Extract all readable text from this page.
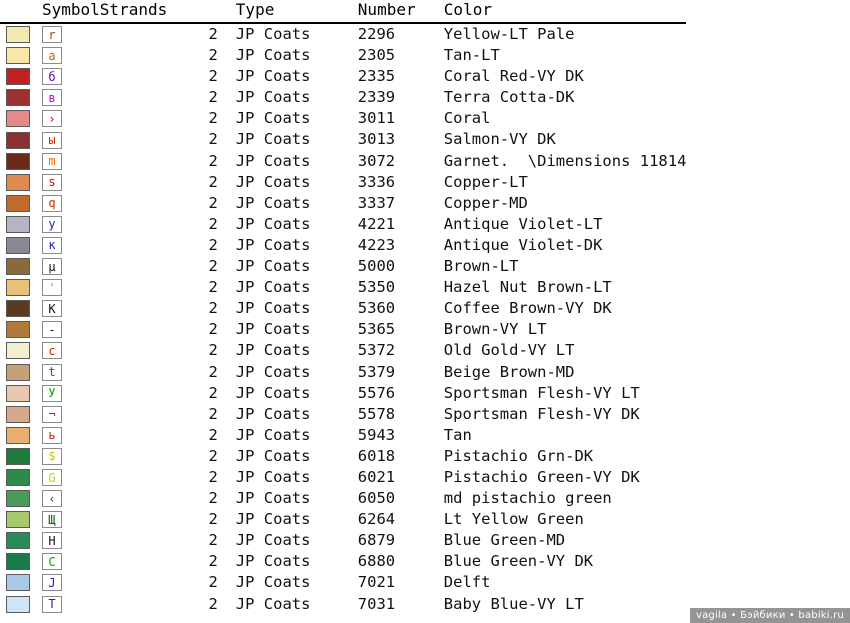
	Symbol	Strands	Type	Number	Color

r	2	JP Coats	2296	Yellow-LT Pale

a	2	JP Coats	2305	Tan-LT

б	2	JP Coats	2335	Coral Red-VY DK

в	2	JP Coats	2339	Terra Cotta-DK

›	2	JP Coats	3011	Coral

ы	2	JP Coats	3013	Salmon-VY DK

m	2	JP Coats	3072	Garnet.  \Dimensions 11814

s	2	JP Coats	3336	Copper-LT

q	2	JP Coats	3337	Copper-MD

у	2	JP Coats	4221	Antique Violet-LT

к	2	JP Coats	4223	Antique Violet-DK

µ	2	JP Coats	5000	Brown-LT

'	2	JP Coats	5350	Hazel Nut Brown-LT

K	2	JP Coats	5360	Coffee Brown-VY DK

-	2	JP Coats	5365	Brown-VY LT

c	2	JP Coats	5372	Old Gold-VY LT

t	2	JP Coats	5379	Beige Brown-MD

У	2	JP Coats	5576	Sportsman Flesh-VY LT

¬	2	JP Coats	5578	Sportsman Flesh-VY DK

ь	2	JP Coats	5943	Tan

$	2	JP Coats	6018	Pistachio Grn-DK

G	2	JP Coats	6021	Pistachio Green-VY DK

‹	2	JP Coats	6050	md pistachio green

Щ	2	JP Coats	6264	Lt Yellow Green

H	2	JP Coats	6879	Blue Green-MD

C	2	JP Coats	6880	Blue Green-VY DK

J	2	JP Coats	7021	Delft

T	2	JP Coats	7031	Baby Blue-VY LT
vagila • Бэйбики • babiki.ru
